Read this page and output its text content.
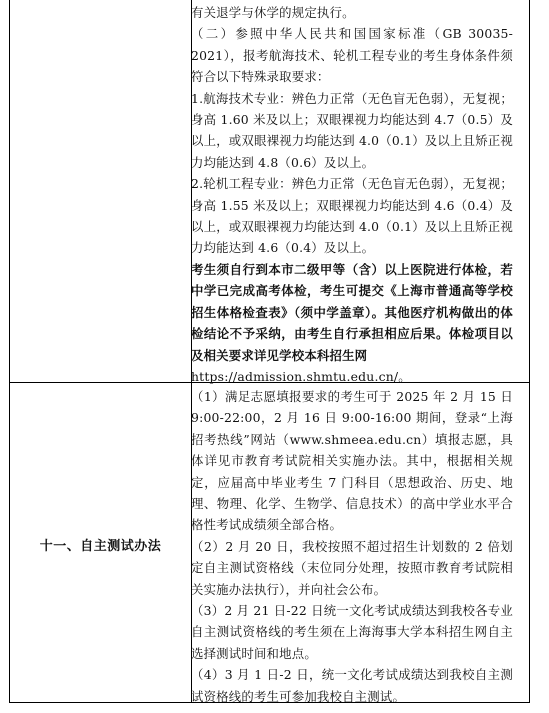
十一、自主测试办法

有关退学与休学的规定执行。

（二）参照中华人民共和国国家标准（GB 30035-2021），报考航海技术、轮机工程专业的考生身体条件须符合以下特殊录取要求：

1.航海技术专业：辨色力正常（无色盲无色弱），无复视；身高 1.60 米及以上；双眼裸视力均能达到 4.7（0.5）及以上，或双眼裸视力均能达到 4.0（0.1）及以上且矫正视力均能达到 4.8（0.6）及以上。

2.轮机工程专业：辨色力正常（无色盲无色弱），无复视；身高 1.55 米及以上；双眼裸视力均能达到 4.6（0.4）及以上，或双眼裸视力均能达到 4.0（0.1）及以上且矫正视力均能达到 4.6（0.4）及以上。

考生须自行到本市二级甲等（含）以上医院进行体检，若中学已完成高考体检，考生可提交《上海市普通高等学校招生体格检查表》（须中学盖章）。其他医疗机构做出的体检结论不予采纳，由考生自行承担相应后果。体检项目以及相关要求详见学校本科招生网

https://admission.shmtu.edu.cn/。

（1）满足志愿填报要求的考生可于 2025 年 2 月 15 日 9:00-22:00，2 月 16 日 9:00-16:00 期间，登录“上海招考热线”网站（www.shmeea.edu.cn）填报志愿，具体详见市教育考试院相关实施办法。其中，根据相关规定，应届高中毕业考生 7 门科目（思想政治、历史、地理、物理、化学、生物学、信息技术）的高中学业水平合格性考试成绩须全部合格。

（2）2 月 20 日，我校按照不超过招生计划数的 2 倍划定自主测试资格线（末位同分处理，按照市教育考试院相关实施办法执行），并向社会公布。

（3）2 月 21 日-22 日统一文化考试成绩达到我校各专业自主测试资格线的考生须在上海海事大学本科招生网自主选择测试时间和地点。

（4）3 月 1 日-2 日，统一文化考试成绩达到我校自主测试资格线的考生可参加我校自主测试。
